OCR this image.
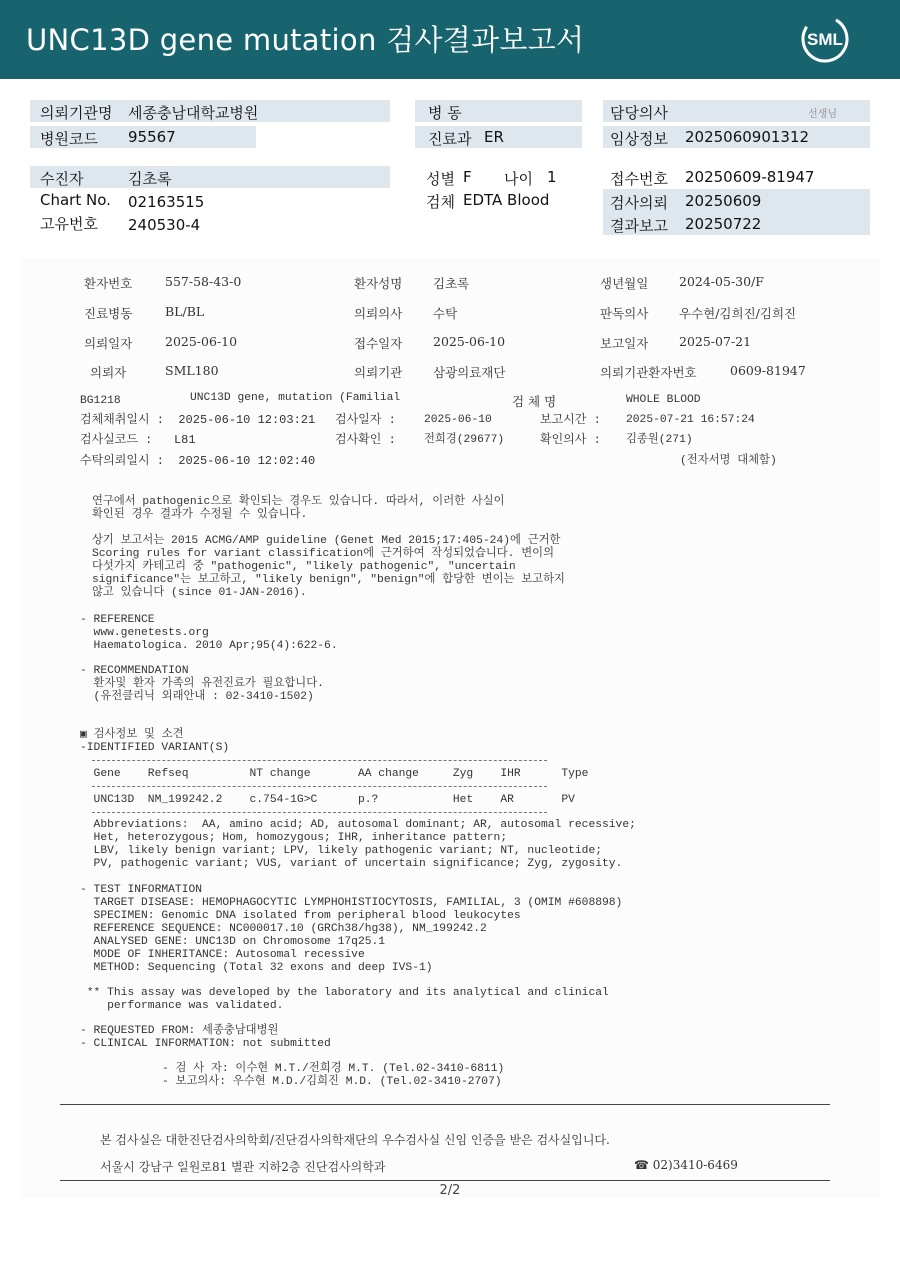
UNC13D gene mutation 검사결과보고서	SML
의뢰기관명 세종충남대학교병원
병원코드 95567
병 동
진료과 ER
담당의사	선생님
임상정보 2025060901312
수진자	김초록
Chart No. 02163515
고유번호 240530-4
성별 F 나이 1
검체 EDTA Blood
접수번호 20250609-81947
검사의뢰 20250609
결과보고 20250722
환자번호	557-58-43-0	환자성명 김초록	생년월일 2024-05-30/F
진료병동	BL/BL	의뢰의사 수탁	판독의사 우수현/김희진/김희진
의뢰일자	2025-06-10	접수일자 2025-06-10	보고일자 2025-07-21
의뢰자	SML180	의뢰기관 삼광의료재단	의뢰기관환자번호	0609-81947
BG1218	UNC13D gene, mutation (Familial	검 체 명	WHOLE BLOOD
검체채취일시 :  2025-06-10 12:03:21 검사일자 : 2025-06-10	보고시간 : 2025-07-21 16:57:24
검사실코드 :   L81	검사확인 : 전희경(29677)	확인의사 : 김종원(271)
수탁의뢰일시 :  2025-06-10 12:02:40	(전자서명 대체함)
연구에서 pathogenic으로 확인되는 경우도 있습니다. 따라서, 이러한 사실이
확인된 경우 결과가 수정될 수 있습니다.
상기 보고서는 2015 ACMG/AMP guideline (Genet Med 2015;17:405-24)에 근거한
Scoring rules for variant classification에 근거하여 작성되었습니다. 변이의
다섯가지 카테고리 중 "pathogenic", "likely pathogenic", "uncertain
significance"는 보고하고, "likely benign", "benign"에 합당한 변이는 보고하지
않고 있습니다 (since 01-JAN-2016).
- REFERENCE
www.genetests.org
Haematologica. 2010 Apr;95(4):622-6.
- RECOMMENDATION
환자및 환자 가족의 유전진료가 필요합니다.
(유전클리닉 외래안내 : 02-3410-1502)
▣ 검사정보 및 소견
-IDENTIFIED VARIANT(S)
Gene    Refseq         NT change       AA change     Zyg    IHR      Type
UNC13D  NM_199242.2    c.754-1G>C      p.?           Het    AR       PV
Abbreviations:  AA, amino acid; AD, autosomal dominant; AR, autosomal recessive;
Het, heterozygous; Hom, homozygous; IHR, inheritance pattern;
LBV, likely benign variant; LPV, likely pathogenic variant; NT, nucleotide;
PV, pathogenic variant; VUS, variant of uncertain significance; Zyg, zygosity.
- TEST INFORMATION
TARGET DISEASE: HEMOPHAGOCYTIC LYMPHOHISTIOCYTOSIS, FAMILIAL, 3 (OMIM #608898)
SPECIMEN: Genomic DNA isolated from peripheral blood leukocytes
REFERENCE SEQUENCE: NC000017.10 (GRCh38/hg38), NM_199242.2
ANALYSED GENE: UNC13D on Chromosome 17q25.1
MODE OF INHERITANCE: Autosomal recessive
METHOD: Sequencing (Total 32 exons and deep IVS-1)
** This assay was developed by the laboratory and its analytical and clinical
performance was validated.
- REQUESTED FROM: 세종충남대병원
- CLINICAL INFORMATION: not submitted
- 검 사 자: 이수현 M.T./전희경 M.T. (Tel.02-3410-6811)
- 보고의사: 우수현 M.D./김희진 M.D. (Tel.02-3410-2707)
본 검사실은 대한진단검사의학회/진단검사의학재단의 우수검사실 신임 인증을 받은 검사실입니다.
서울시 강남구 일원로81 별관 지하2층 진단검사의학과	☎ 02)3410-6469
2/2
